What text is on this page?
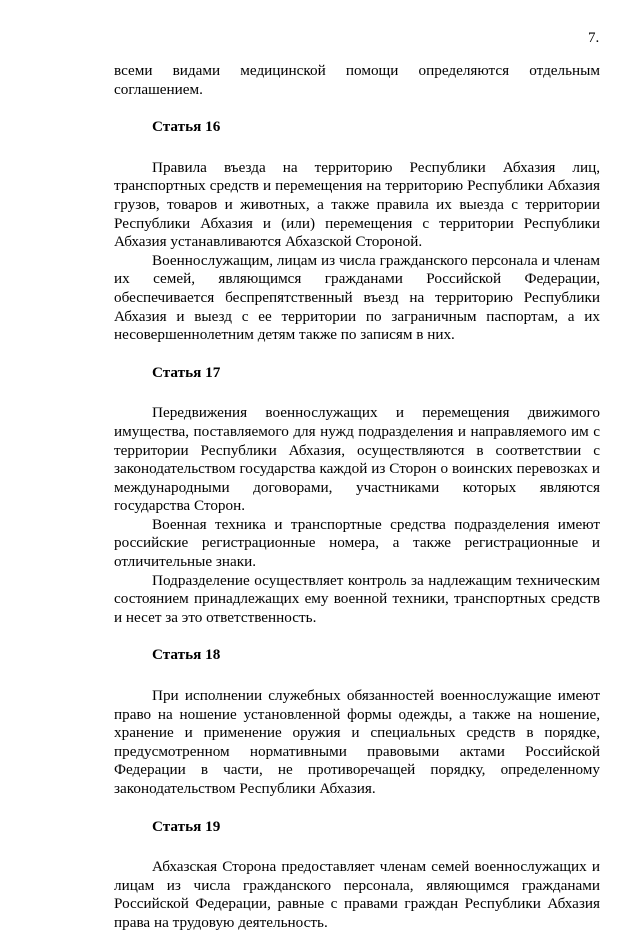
7.

всеми видами медицинской помощи определяются отдельным соглашением.

Статья 16

Правила въезда на территорию Республики Абхазия лиц, транспортных средств и перемещения на территорию Республики Абхазия грузов, товаров и животных, а также правила их выезда с территории Республики Абхазия и (или) перемещения с территории Республики Абхазия устанавливаются Абхазской Стороной.

Военнослужащим, лицам из числа гражданского персонала и членам их семей, являющимся гражданами Российской Федерации, обеспечивается беспрепятственный въезд на территорию Республики Абхазия и выезд с ее территории по заграничным паспортам, а их несовершеннолетним детям также по записям в них.

Статья 17

Передвижения военнослужащих и перемещения движимого имущества, поставляемого для нужд подразделения и направляемого им с территории Республики Абхазия, осуществляются в соответствии с законодательством государства каждой из Сторон о воинских перевозках и международными договорами, участниками которых являются государства Сторон.

Военная техника и транспортные средства подразделения имеют российские регистрационные номера, а также регистрационные и отличительные знаки.

Подразделение осуществляет контроль за надлежащим техническим состоянием принадлежащих ему военной техники, транспортных средств и несет за это ответственность.

Статья 18

При исполнении служебных обязанностей военнослужащие имеют право на ношение установленной формы одежды, а также на ношение, хранение и применение оружия и специальных средств в порядке, предусмотренном нормативными правовыми актами Российской Федерации в части, не противоречащей порядку, определенному законодательством Республики Абхазия.

Статья 19

Абхазская Сторона предоставляет членам семей военнослужащих и лицам из числа гражданского персонала, являющимся гражданами Российской Федерации, равные с правами граждан Республики Абхазия права на трудовую деятельность.
